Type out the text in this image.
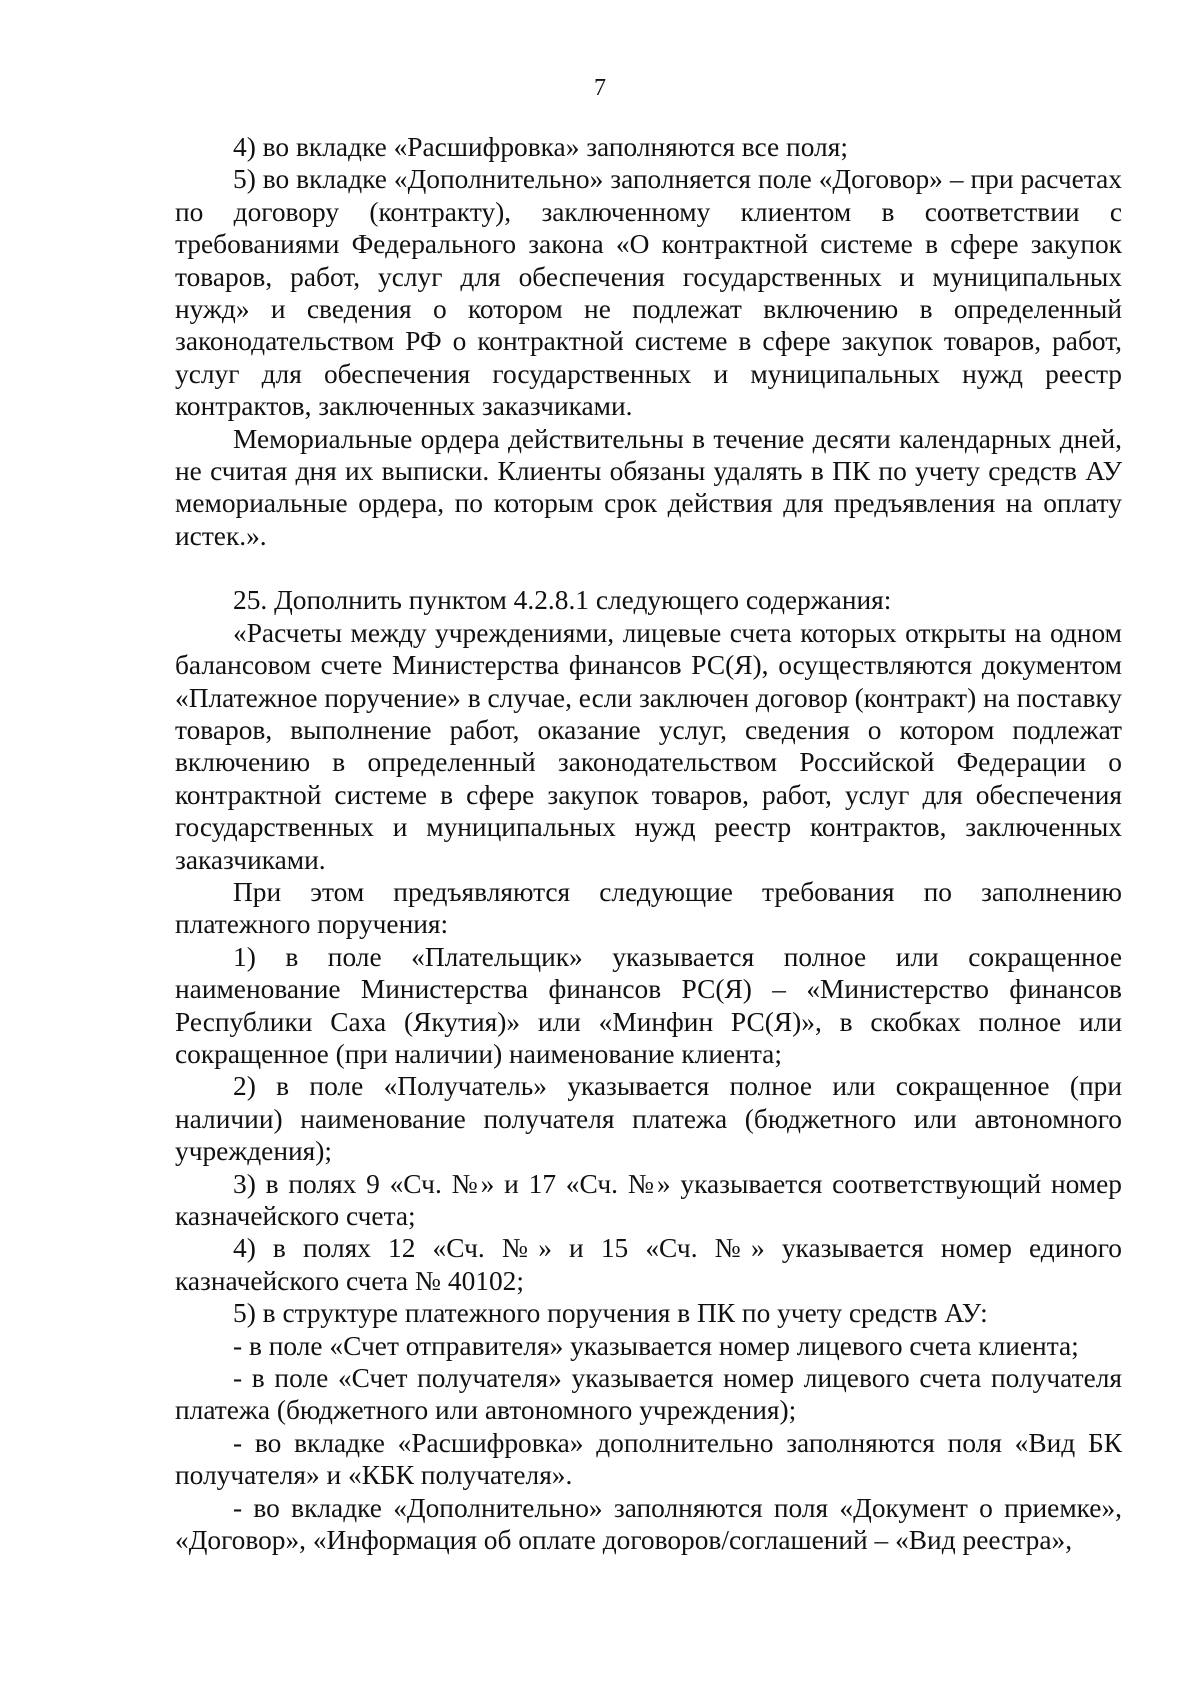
7

4) во вкладке «Расшифровка» заполняются все поля;

5) во вкладке «Дополнительно» заполняется поле «Договор» – при расчетах по договору (контракту), заключенному клиентом в соответствии с требованиями Федерального закона «О контрактной системе в сфере закупок товаров, работ, услуг для обеспечения государственных и муниципальных нужд» и сведения о котором не подлежат включению в определенный законодательством РФ о контрактной системе в сфере закупок товаров, работ, услуг для обеспечения государственных и муниципальных нужд реестр контрактов, заключенных заказчиками.

Мемориальные ордера действительны в течение десяти календарных дней, не считая дня их выписки. Клиенты обязаны удалять в ПК по учету средств АУ мемориальные ордера, по которым срок действия для предъявления на оплату истек.».

25. Дополнить пунктом 4.2.8.1 следующего содержания:

«Расчеты между учреждениями, лицевые счета которых открыты на одном балансовом счете Министерства финансов РС(Я), осуществляются документом «Платежное поручение» в случае, если заключен договор (контракт) на поставку товаров, выполнение работ, оказание услуг, сведения о котором подлежат включению в определенный законодательством Российской Федерации о контрактной системе в сфере закупок товаров, работ, услуг для обеспечения государственных и муниципальных нужд реестр контрактов, заключенных заказчиками.

При этом предъявляются следующие требования по заполнению платежного поручения:

1) в поле «Плательщик» указывается полное или сокращенное наименование Министерства финансов РС(Я) – «Министерство финансов Республики Саха (Якутия)» или «Минфин РС(Я)», в скобках полное или сокращенное (при наличии) наименование клиента;

2) в поле «Получатель» указывается полное или сокращенное (при наличии) наименование получателя платежа (бюджетного или автономного учреждения);

3) в полях 9 «Сч. №» и 17 «Сч. №» указывается соответствующий номер казначейского счета;

4) в полях 12 «Сч. №» и 15 «Сч. №» указывается номер единого казначейского счета № 40102;

5) в структуре платежного поручения в ПК по учету средств АУ:

- в поле «Счет отправителя» указывается номер лицевого счета клиента;

- в поле «Счет получателя» указывается номер лицевого счета получателя платежа (бюджетного или автономного учреждения);

- во вкладке «Расшифровка» дополнительно заполняются поля «Вид БК получателя» и «КБК получателя».

- во вкладке «Дополнительно» заполняются поля «Документ о приемке», «Договор», «Информация об оплате договоров/соглашений – «Вид реестра»,
